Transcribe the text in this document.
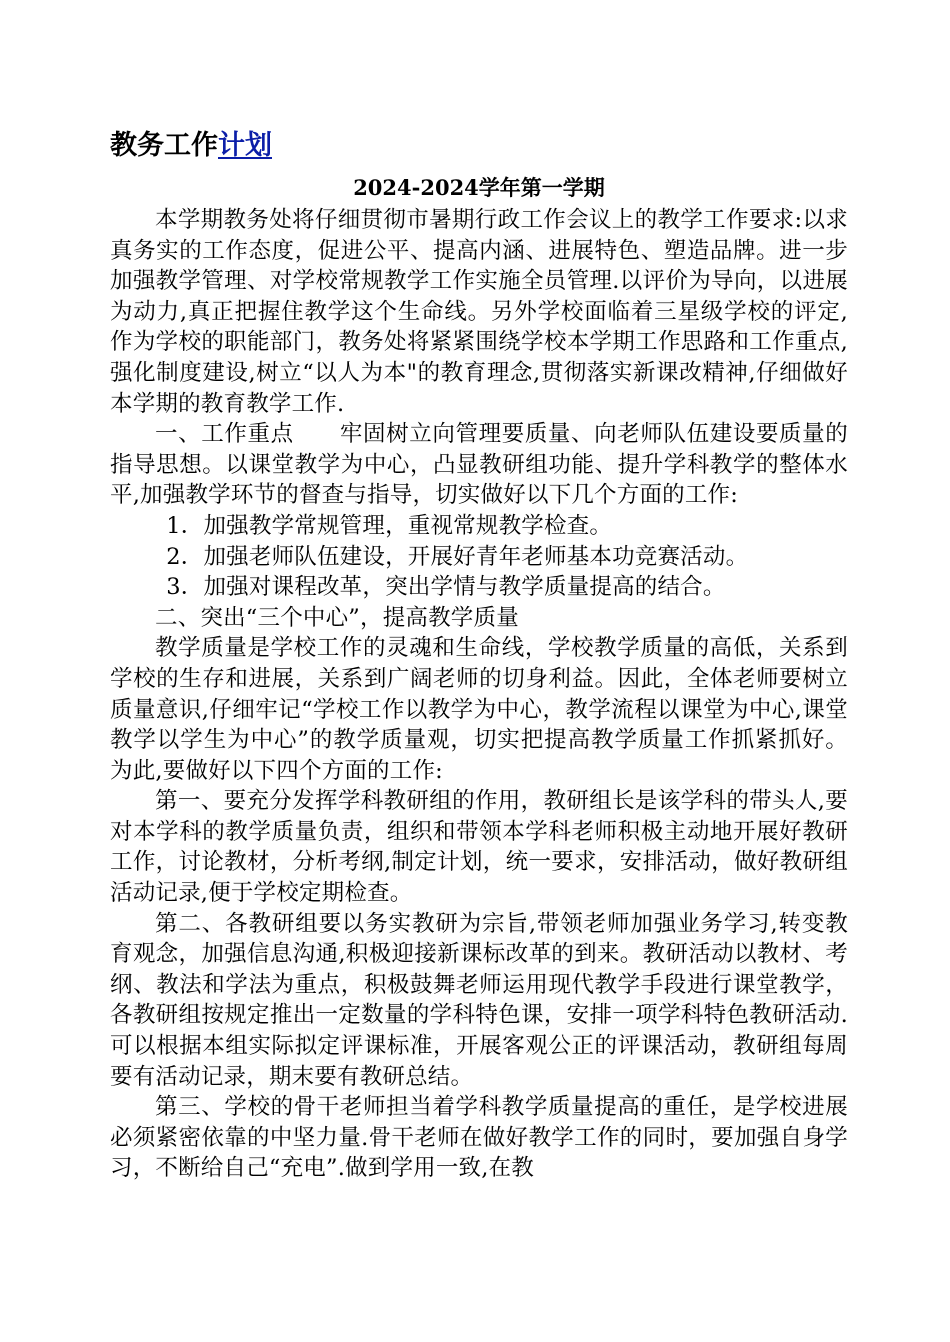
教务工作计划
2024-2024学年第一学期

本学期教务处将仔细贯彻市暑期行政工作会议上的教学工作要求:以求真务实的工作态度，促进公平、提高内涵、进展特色、塑造品牌。进一步加强教学管理、对学校常规教学工作实施全员管理.以评价为导向，以进展为动力,真正把握住教学这个生命线。另外学校面临着三星级学校的评定,作为学校的职能部门，教务处将紧紧围绕学校本学期工作思路和工作重点,强化制度建设,树立“以人为本"的教育理念,贯彻落实新课改精神,仔细做好本学期的教育教学工作.

一、工作重点　　牢固树立向管理要质量、向老师队伍建设要质量的指导思想。以课堂教学为中心，凸显教研组功能、提升学科教学的整体水平,加强教学环节的督查与指导，切实做好以下几个方面的工作:

1．加强教学常规管理，重视常规教学检查。

2．加强老师队伍建设，开展好青年老师基本功竞赛活动。

3．加强对课程改革，突出学情与教学质量提高的结合。

二、突出“三个中心”，提高教学质量

教学质量是学校工作的灵魂和生命线，学校教学质量的高低，关系到学校的生存和进展，关系到广阔老师的切身利益。因此，全体老师要树立质量意识,仔细牢记“学校工作以教学为中心，教学流程以课堂为中心,课堂教学以学生为中心”的教学质量观，切实把提高教学质量工作抓紧抓好。为此,要做好以下四个方面的工作:

第一、要充分发挥学科教研组的作用，教研组长是该学科的带头人,要对本学科的教学质量负责，组织和带领本学科老师积极主动地开展好教研工作，讨论教材，分析考纲,制定计划，统一要求，安排活动，做好教研组活动记录,便于学校定期检查。

第二、各教研组要以务实教研为宗旨,带领老师加强业务学习,转变教育观念，加强信息沟通,积极迎接新课标改革的到来。教研活动以教材、考纲、教法和学法为重点，积极鼓舞老师运用现代教学手段进行课堂教学，各教研组按规定推出一定数量的学科特色课，安排一项学科特色教研活动.可以根据本组实际拟定评课标准，开展客观公正的评课活动，教研组每周要有活动记录，期末要有教研总结。

第三、学校的骨干老师担当着学科教学质量提高的重任，是学校进展必须紧密依靠的中坚力量.骨干老师在做好教学工作的同时，要加强自身学习，不断给自己“充电”.做到学用一致,在教
